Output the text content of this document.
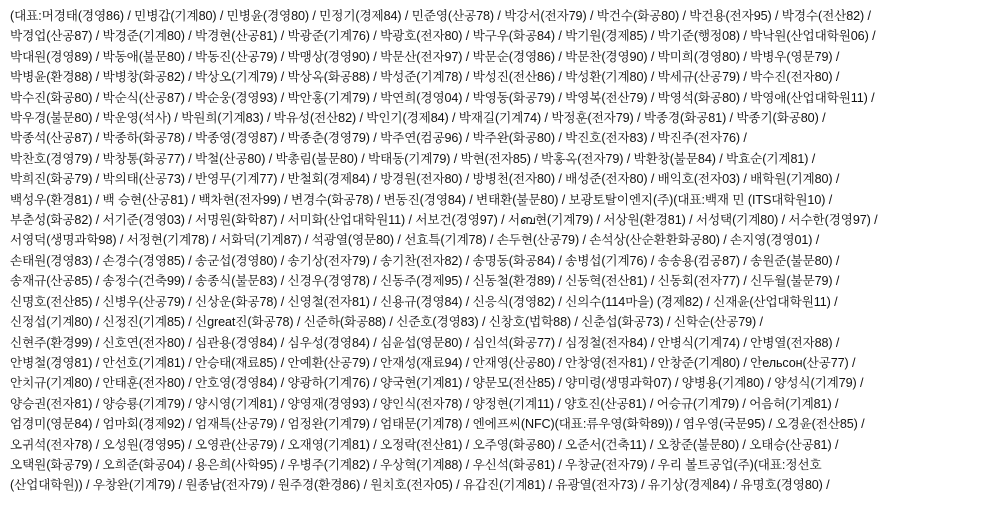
(대표:머경태(경영86) / 민병갑(기계80) / 민병윤(경영80) / 민정기(경제84) / 민준영(산공78) / 박강서(전자79) / 박건수(화공80) / 박건용(전자95) / 박경수(전산82) /
박경업(산공87) / 박경준(기계80) / 박경현(산공81) / 박광준(기계76) / 박광호(전자80) / 박구우(화공84) / 박기원(경제85) / 박기준(행정08) / 박낙원(산업대학원06) /
박대원(경영89) / 박동애(불문80) / 박동진(산공79) / 박맹상(경영90) / 박문산(전자97) / 박문순(경영86) / 박문찬(경영90) / 박미희(경영80) / 박병우(영문79) /
박병윤(환경88) / 박병창(화공82) / 박상오(기계79) / 박상옥(화공88) / 박성준(기계78) / 박성진(전산86) / 박성환(기계80) / 박세규(산공79) / 박수진(전자80) /
박수진(화공80) / 박순식(산공87) / 박순웅(경영93) / 박안홍(기계79) / 박연희(경영04) / 박영동(화공79) / 박영복(전산79) / 박영석(화공80) / 박영애(산업대학원11) /
박우경(불문80) / 박운영(석사) / 박원희(기계83) / 박유성(전산82) / 박인기(경제84) / 박재길(기계74) / 박정훈(전자79) / 박종경(화공81) / 박종기(화공80) /
박종석(산공87) / 박종하(화공78) / 박종영(경영87) / 박종춘(경영79) / 박주연(컴공96) / 박주완(화공80) / 박진호(전자83) / 박진주(전자76) /
박찬호(경영79) / 박창통(화공77) / 박철(산공80) / 박총림(불문80) / 박태동(기계79) / 박현(전자85) / 박홍옥(전자79) / 박환창(불문84) / 박효순(기계81) /
박희진(화공79) / 박의태(산공73) / 반영무(기계77) / 반철회(경제84) / 방경원(전자80) / 방병천(전자80) / 배성준(전자80) / 배익호(전자03) / 배학원(기계80) /
백성우(환경81) / 백 승현(산공81) / 백차현(전자99) / 변경수(화공78) / 변동진(경영84) / 변태환(불문80) / 보광토탈이엔지(주)(대표:백재 민 (ITS대학원10) /
부춘성(화공82) / 서기준(경영03) / 서명원(화학87) / 서미화(산업대학원11) / 서보건(경영97) / 서ബ현(기계79) / 서상원(환경81) / 서성택(기계80) / 서수한(경영97) /
서영덕(생명과학98) / 서정현(기계78) / 서화덕(기계87) / 석광열(영문80) / 선효특(기계78) / 손두현(산공79) / 손석상(산순환환화공80) / 손지영(경영01) /
손태원(경영83) / 손경수(경영85) / 송군섭(경영80) / 송기상(전자79) / 송기찬(전자82) / 송명동(화공84) / 송병섭(기계76) / 송송용(컴공87) / 송원준(불문80) /
송재규(산공85) / 송정수(건축99) / 송종식(불문83) / 신경우(경영78) / 신동주(경제95) / 신동철(환경89) / 신동혁(전산81) / 신동회(전자77) / 신두월(불문79) /
신명호(전산85) / 신병우(산공79) / 신상운(화공78) / 신영철(전자81) / 신용규(경영84) / 신응식(경영82) / 신의수(114마을) (경제82) / 신재윤(산업대학원11) /
신정섭(기계80) / 신정진(기계85) / 신great진(화공78) / 신준하(화공88) / 신준호(경영83) / 신창호(법학88) / 신춘섭(화공73) / 신학순(산공79) /
신현주(환경99) / 신호연(전자80) / 심관용(경영84) / 심우성(경영84) / 심윤섭(영문80) / 심인석(화공77) / 심정철(전자84) / 안병식(기계74) / 안병열(전자88) /
안병철(경영81) / 안선호(기계81) / 안승태(재료85) / 안예환(산공79) / 안재성(재료94) / 안재영(산공80) / 안창영(전자81) / 안창준(기계80) / 안ельсон(산공77) /
안치규(기계80) / 안태훈(전자80) / 안호영(경영84) / 양광하(기계76) / 양국현(기계81) / 양문모(전산85) / 양미령(생명과학07) / 양병용(기계80) / 양성식(기계79) /
양승권(전자81) / 양승룡(기계79) / 양시영(기계81) / 양영재(경영93) / 양인식(전자78) / 양정현(기계11) / 양호진(산공81) / 어승규(기계79) / 어음허(기계81) /
엄경미(영문84) / 엄마회(경제92) / 엄재특(산공79) / 엄정완(기계79) / 엄태문(기계78) / 엔에프씨(NFC)(대표:류우영(화학89)) / 염우영(국문95) / 오경윤(전산85) /
오귀석(전자78) / 오성원(경영95) / 오영관(산공79) / 오재영(기계81) / 오정락(전산81) / 오주영(화공80) / 오준서(건축11) / 오창준(불문80) / 오태승(산공81) /
오택원(화공79) / 오희준(화공04) / 용은희(사학95) / 우병주(기계82) / 우상혁(기계88) / 우신석(화공81) / 우창균(전자79) / 우리 볼트공업(주)(대표:정선호
(산업대학원)) / 우창완(기계79) / 원종남(전자79) / 원주경(환경86) / 원치호(전자05) / 유갑진(기계81) / 유광열(전자73) / 유기상(경제84) / 유명호(경영80) /
